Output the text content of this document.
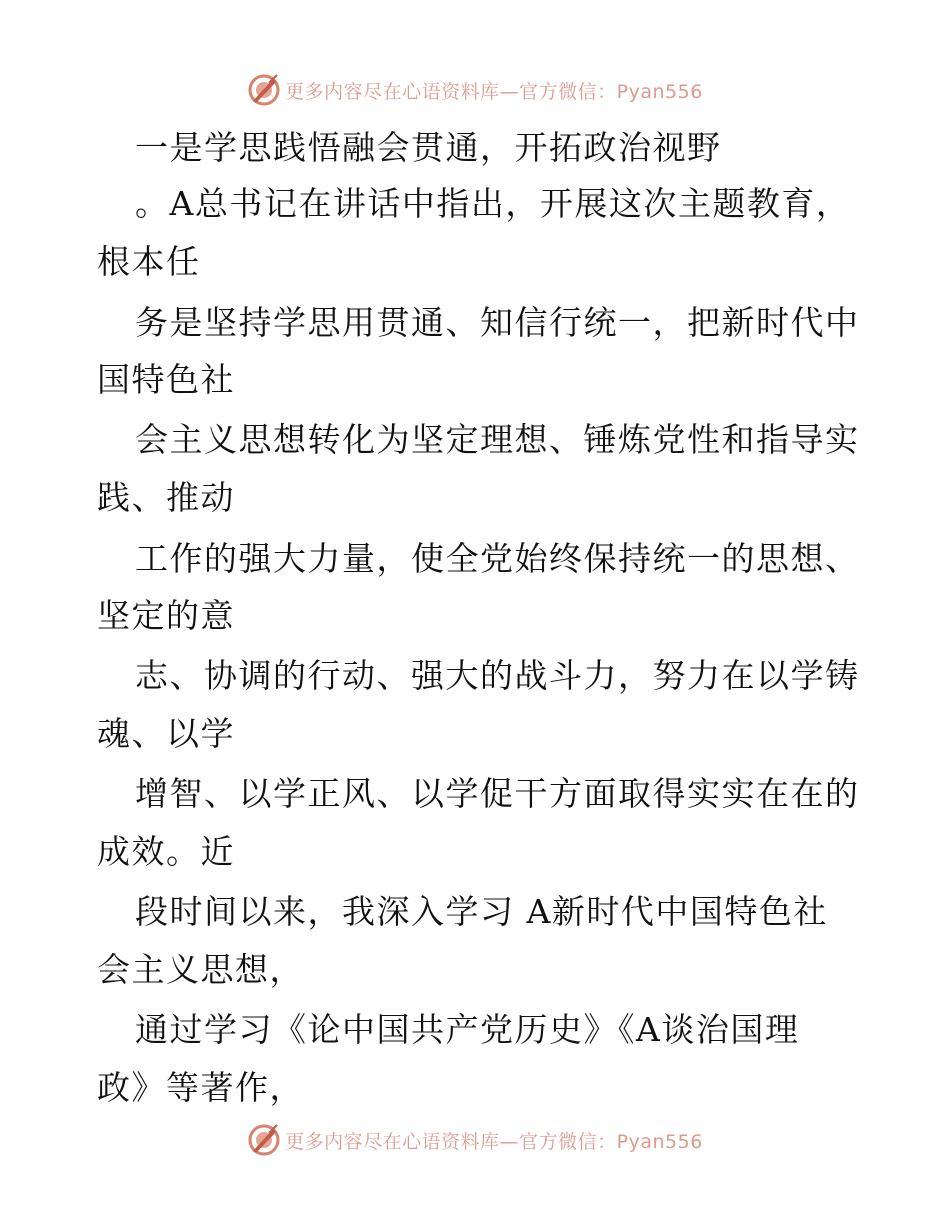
更多内容尽在心语资料库—官方微信：Pyan556
一是学思践悟融会贯通，开拓政治视野
。A总书记在讲话中指出，开展这次主题教育，
根本任
务是坚持学思用贯通、知信行统一，把新时代中
国特色社
会主义思想转化为坚定理想、锤炼党性和指导实
践、推动
工作的强大力量，使全党始终保持统一的思想、
坚定的意
志、协调的行动、强大的战斗力，努力在以学铸
魂、以学
增智、以学正风、以学促干方面取得实实在在的
成效。近
段时间以来，我深入学习 A新时代中国特色社
会主义思想，
通过学习《论中国共产党历史》《A谈治国理
政》等著作，
更多内容尽在心语资料库—官方微信：Pyan556
